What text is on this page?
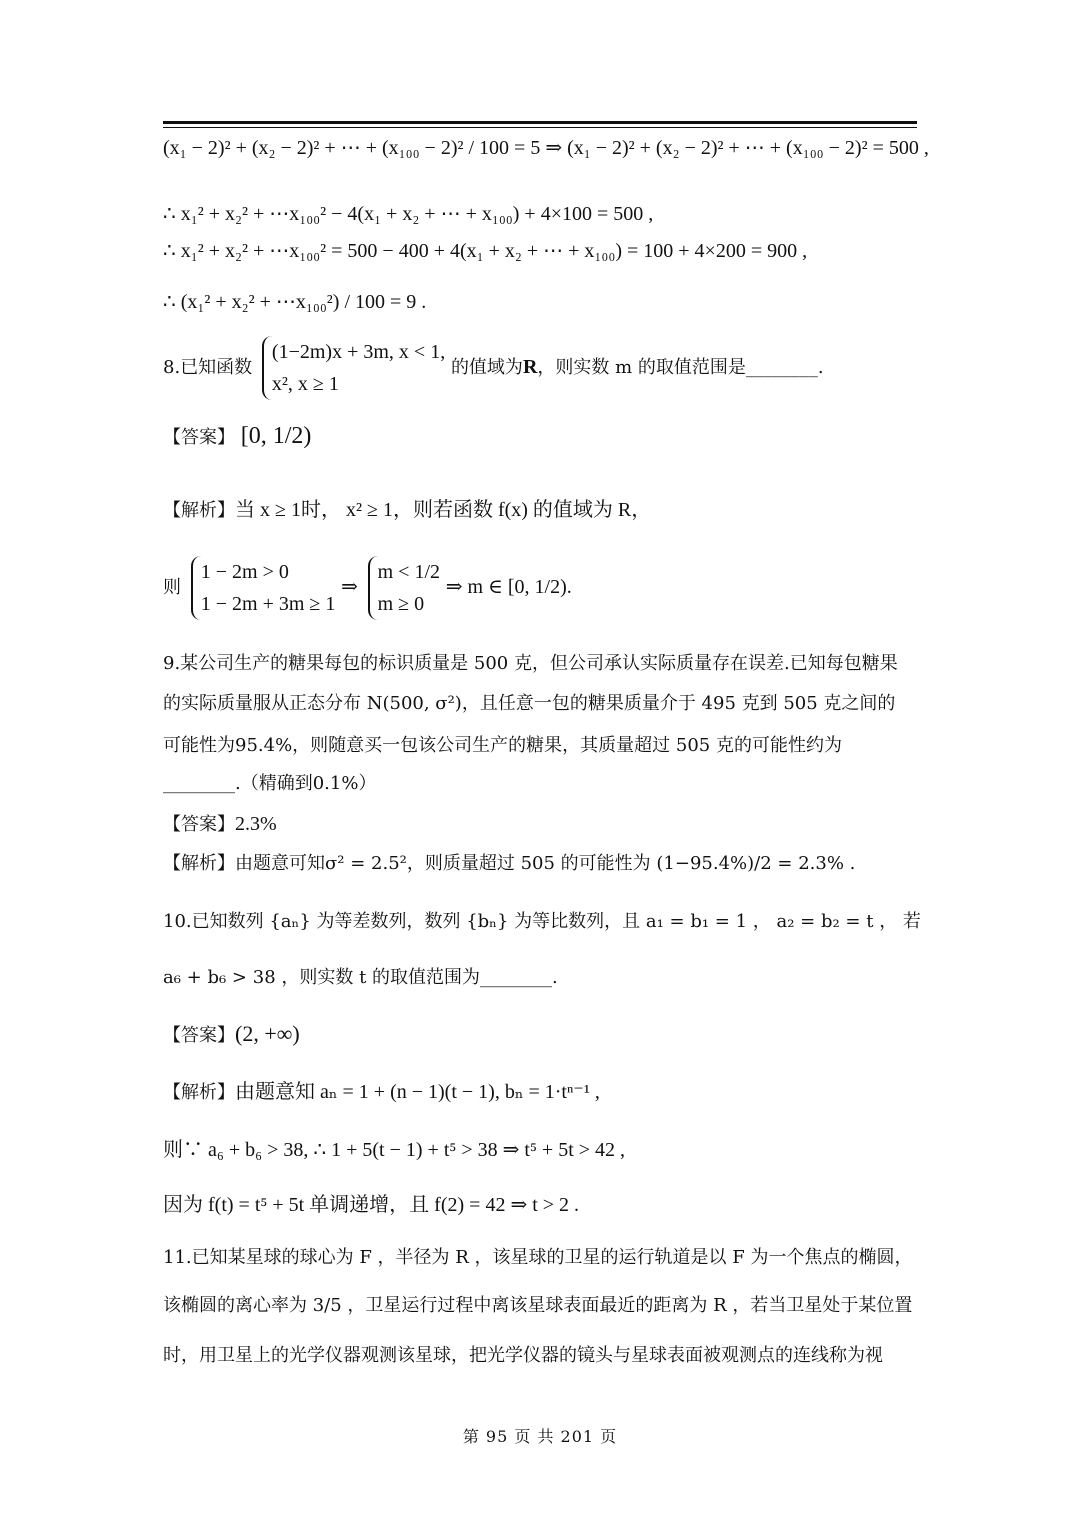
(x₁ − 2)² + (x₂ − 2)² + ⋯ + (x₁₀₀ − 2)² / 100 = 5 ⇒ (x₁ − 2)² + (x₂ − 2)² + ⋯ + (x₁₀₀ − 2)² = 500 ,
∴ x₁² + x₂² + ⋯x₁₀₀² − 4(x₁ + x₂ + ⋯ + x₁₀₀) + 4×100 = 500 ,
∴ x₁² + x₂² + ⋯x₁₀₀² = 500 − 400 + 4(x₁ + x₂ + ⋯ + x₁₀₀) = 100 + 4×200 = 900 ,
∴ (x₁² + x₂² + ⋯x₁₀₀²) / 100 = 9 .
8.已知函数
(1−2m)x + 3m, x < 1,
x², x ≥ 1
的值域为R，则实数 m 的取值范围是________.
【答案】 [0, 1/2)
【解析】当 x ≥ 1时， x² ≥ 1，则若函数 f(x) 的值域为 R，
则
1 − 2m > 0
1 − 2m + 3m ≥ 1
⇒
m < 1/2
m ≥ 0
⇒ m ∈ [0, 1/2).
9.某公司生产的糖果每包的标识质量是 500 克，但公司承认实际质量存在误差.已知每包糖果
的实际质量服从正态分布 N(500, σ²)，且任意一包的糖果质量介于 495 克到 505 克之间的
可能性为95.4%，则随意买一包该公司生产的糖果，其质量超过 505 克的可能性约为
________.（精确到0.1%）
【答案】2.3%
【解析】由题意可知σ² = 2.5²，则质量超过 505 的可能性为 (1−95.4%)/2 = 2.3% .
10.已知数列 {aₙ} 为等差数列，数列 {bₙ} 为等比数列，且 a₁ = b₁ = 1 ， a₂ = b₂ = t ， 若
a₆ + b₆ > 38 ，则实数 t 的取值范围为________.
【答案】(2, +∞)
【解析】由题意知 aₙ = 1 + (n − 1)(t − 1), bₙ = 1·tⁿ⁻¹ ,
则∵ a₆ + b₆ > 38, ∴ 1 + 5(t − 1) + t⁵ > 38 ⇒ t⁵ + 5t > 42 ,
因为 f(t) = t⁵ + 5t 单调递增，且 f(2) = 42 ⇒ t > 2 .
11.已知某星球的球心为 F ，半径为 R ，该星球的卫星的运行轨道是以 F 为一个焦点的椭圆，
该椭圆的离心率为 3/5 ，卫星运行过程中离该星球表面最近的距离为 R ，若当卫星处于某位置
时，用卫星上的光学仪器观测该星球，把光学仪器的镜头与星球表面被观测点的连线称为视
第 95 页 共 201 页
